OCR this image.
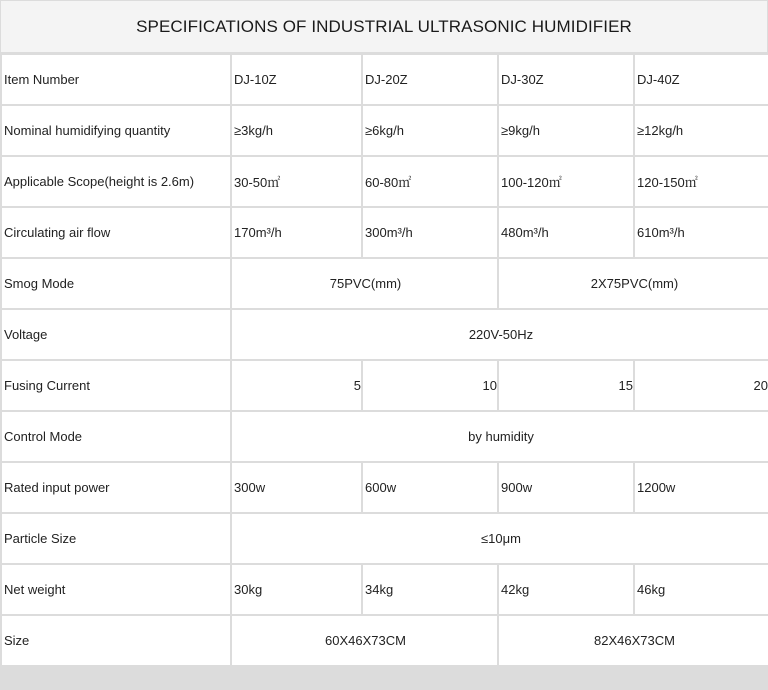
SPECIFICATIONS OF INDUSTRIAL ULTRASONIC HUMIDIFIER
Item Number	DJ-10Z	DJ-20Z	DJ-30Z	DJ-40Z
Nominal humidifying quantity	≥3kg/h	≥6kg/h	≥9kg/h	≥12kg/h
Applicable Scope(height is 2.6m)	30-50㎡	60-80㎡	100-120㎡	120-150㎡
Circulating air flow	170m³/h	300m³/h	480m³/h	610m³/h
Smog Mode	75PVC(mm)		2X75PVC(mm)	
Voltage	220V-50Hz			
Fusing Current	5	10	15	20
Control Mode	by humidity			
Rated input power	300w	600w	900w	1200w
Particle Size	≤10μm			
Net weight	30kg	34kg	42kg	46kg
Size	60X46X73CM		82X46X73CM	
